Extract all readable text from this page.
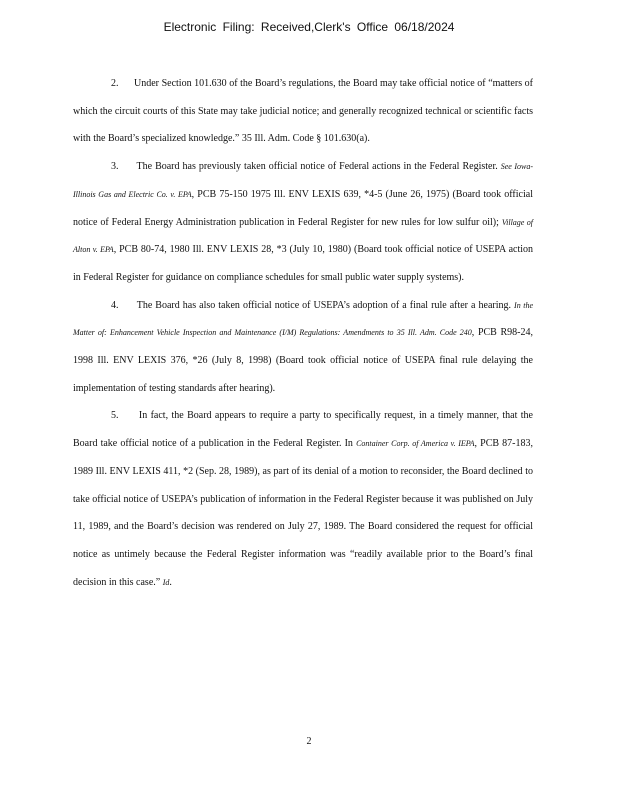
Electronic Filing: Received,Clerk's Office 06/18/2024

2. Under Section 101.630 of the Board’s regulations, the Board may take official notice of “matters of which the circuit courts of this State may take judicial notice; and generally recognized technical or scientific facts with the Board’s specialized knowledge.” 35 Ill. Adm. Code § 101.630(a).

3. The Board has previously taken official notice of Federal actions in the Federal Register. See Iowa-Illinois Gas and Electric Co. v. EPA, PCB 75-150 1975 Ill. ENV LEXIS 639, *4-5 (June 26, 1975) (Board took official notice of Federal Energy Administration publication in Federal Register for new rules for low sulfur oil); Village of Alton v. EPA, PCB 80-74, 1980 Ill. ENV LEXIS 28, *3 (July 10, 1980) (Board took official notice of USEPA action in Federal Register for guidance on compliance schedules for small public water supply systems).

4. The Board has also taken official notice of USEPA’s adoption of a final rule after a hearing. In the Matter of: Enhancement Vehicle Inspection and Maintenance (I/M) Regulations: Amendments to 35 Ill. Adm. Code 240, PCB R98-24, 1998 Ill. ENV LEXIS 376, *26 (July 8, 1998) (Board took official notice of USEPA final rule delaying the implementation of testing standards after hearing).

5. In fact, the Board appears to require a party to specifically request, in a timely manner, that the Board take official notice of a publication in the Federal Register. In Container Corp. of America v. IEPA, PCB 87-183, 1989 Ill. ENV LEXIS 411, *2 (Sep. 28, 1989), as part of its denial of a motion to reconsider, the Board declined to take official notice of USEPA’s publication of information in the Federal Register because it was published on July 11, 1989, and the Board’s decision was rendered on July 27, 1989. The Board considered the request for official notice as untimely because the Federal Register information was “readily available prior to the Board’s final decision in this case.” Id.

2
